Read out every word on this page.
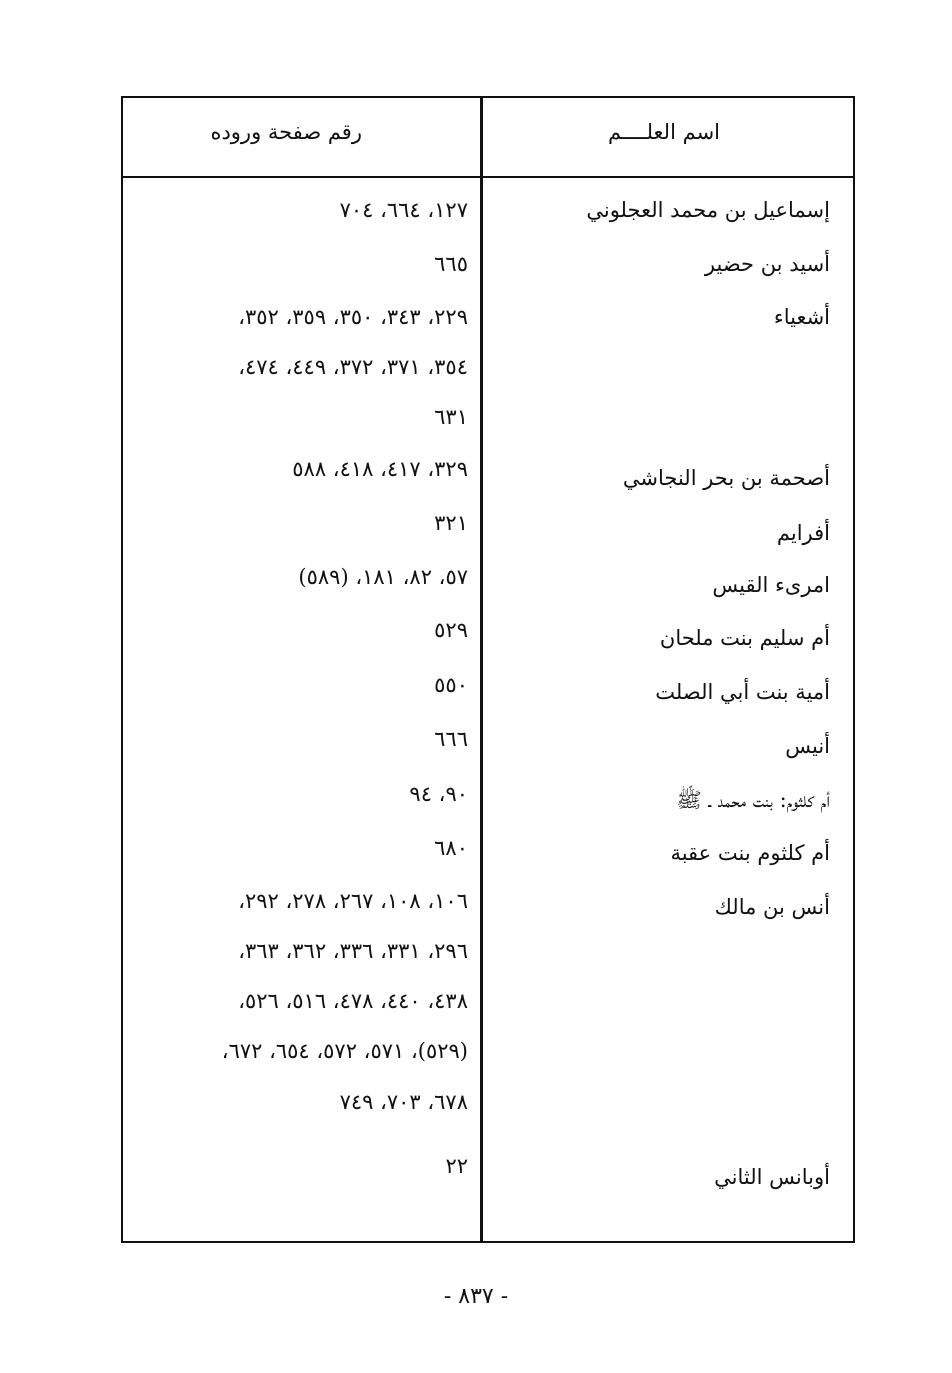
اسم العلــــم
رقم صفحة وروده
إسماعيل بن محمد العجلوني
أسيد بن حضير
أشعياء
أصحمة بن بحر النجاشي
أفرايم
امرىء القيس
أم سليم بنت ملحان
أمية بنت أبي الصلت
أنيس
أم كلثوم: بنت محمد ـ ﷺ
أم كلثوم بنت عقبة
أنس بن مالك
أوبانس الثاني
١٢٧، ٦٦٤، ٧٠٤
٦٦٥
٢٢٩، ٣٤٣، ٣٥٠، ٣٥٩، ٣٥٢،
٣٥٤، ٣٧١، ٣٧٢، ٤٤٩، ٤٧٤،
٦٣١
٣٢٩، ٤١٧، ٤١٨، ٥٨٨
٣٢١
٥٧، ٨٢، ١٨١، (٥٨٩)
٥٢٩
٥٥٠
٦٦٦
٩٠، ٩٤
٦٨٠
١٠٦، ١٠٨، ٢٦٧، ٢٧٨، ٢٩٢،
٢٩٦، ٣٣١، ٣٣٦، ٣٦٢، ٣٦٣،
٤٣٨، ٤٤٠، ٤٧٨، ٥١٦، ٥٢٦،
(٥٢٩)، ٥٧١، ٥٧٢، ٦٥٤، ٦٧٢،
٦٧٨، ٧٠٣، ٧٤٩
٢٢
- ٨٣٧ -
